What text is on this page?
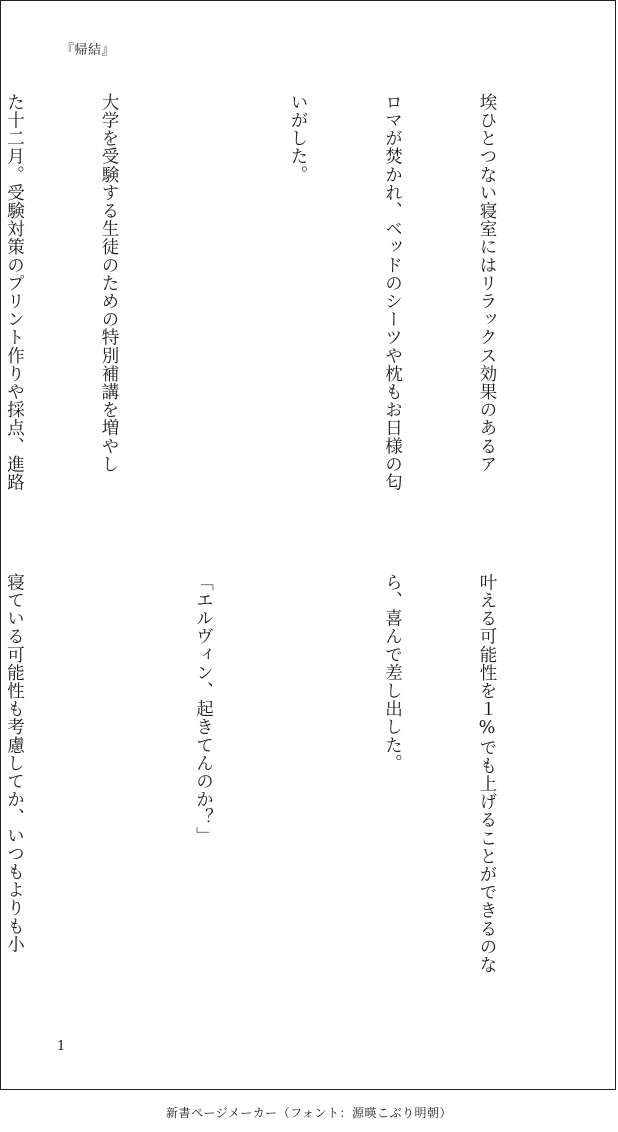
『帰結』

埃ひとつない寝室にはリラックス効果のあるア

ロマが焚かれ、ベッドのシーツや枕もお日様の匂

いがした。

大学を受験する生徒のための特別補講を増やし

た十二月。受験対策のプリント作りや採点、進路

叶える可能性を１%でも上げることができるのな

ら、喜んで差し出した。

「エルヴィン、起きてんのか？」

寝ている可能性も考慮してか、いつもよりも小

1
新書ページメーカー（フォント：源暎こぶり明朝）
